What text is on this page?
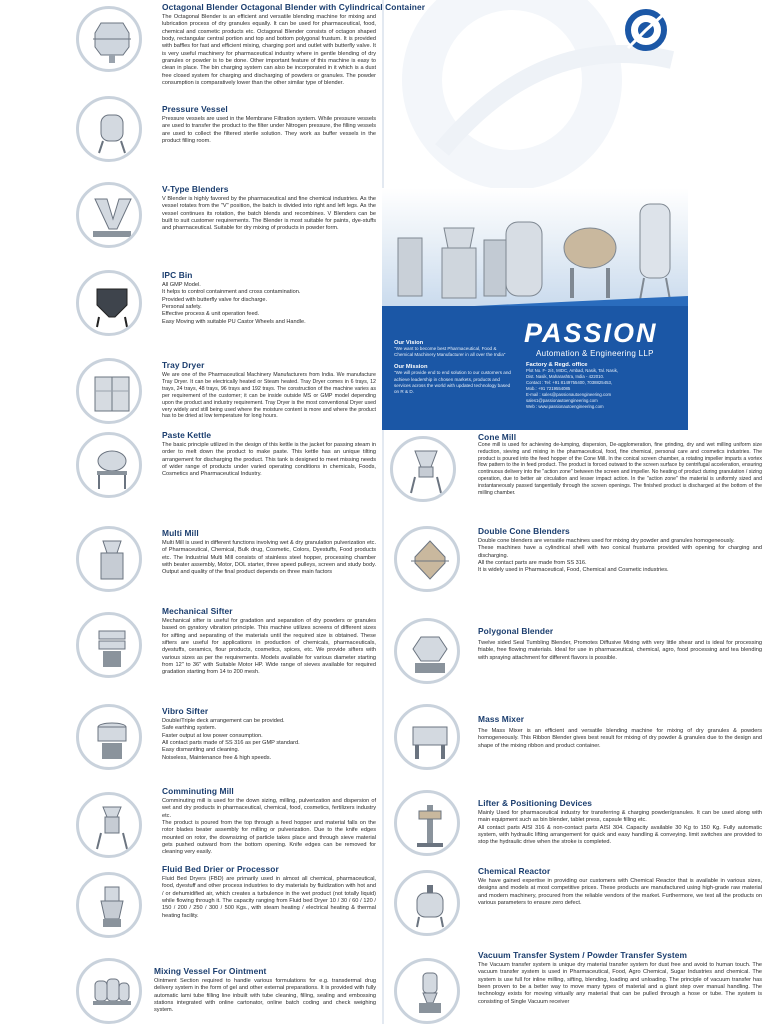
Octagonal Blender Octagonal Blender with Cylindrical Container

The Octagonal Blender is an efficient and versatile blending machine for mixing and lubrication process of dry granules equally. It can be used for pharmaceutical, food, chemical and cosmetic products etc. Octagonal Blender consists of octagon shaped body, rectangular central portion and top and bottom polygonal frustum. It is provided with baffles for fast and efficient mixing, charging port and outlet with butterfly valve. It is very useful machinery for pharmaceutical industry where in gentle blending of dry granules or powder is to be done. Other important feature of this machine is easy to clean in place. The bin charging system can also be incorporated in it which is a dust free closed system for charging and discharging of powders or granules. The powder consumption is comparatively lower than the other similar type of blender.

Pressure Vessel

Pressure vessels are used in the Membrane Filtration system. While pressure vessels are used to transfer the product to the filter under Nitrogen pressure, the filling vessels are used to collect the filtered sterile solution. They work as buffer vessels in the product filling room.

V-Type Blenders

V Blender is highly favored by the pharmaceutical and fine chemical industries. As the vessel rotates from the "V" position, the batch is divided into right and left legs. As the vessel continues its rotation, the batch blends and recombines. V Blenders can be built to suit customer requirements. The Blender is most suitable for paints, dye-stuffs and pharmaceutical. Suitable for dry mixing of products in powder form.

IPC Bin

All GMP Model.
It helps to control containment and cross contamination.
Provided with butterfly valve for discharge.
Personal safety.
Effective process & unit operation feed.
Easy Moving with suitable PU Castor Wheels and Handle.

Tray Dryer

We are one of the Pharmaceutical Machinery Manufacturers from India. We manufacture Tray Dryer. It can be electrically heated or Steam heated. Tray Dryer comes in 6 trays, 12 trays, 24 trays, 48 trays, 96 trays and 192 trays. The construction of the machine varies as per requirement of the customer; it can be inside outside MS or GMP model depending upon the product and industry requirement. Tray Dryer is the most conventional Dryer used very widely and still being used where the moisture content is more and where the product has to be dried at low temperature for long hours.

Paste Kettle

The basic principle utilized in the design of this kettle is the jacket for passing steam in order to melt down the product to make paste. This kettle has an unique tilting arrangement for discharging the product. This tank is designed to meet missing needs of wider range of products under varied operating conditions in chemicals, Foods, Cosmetics and Pharmaceutical Industry.

Multi Mill

Multi Mill is used in different functions involving wet & dry granulation pulverization etc. of Pharmaceutical, Chemical, Bulk drug, Cosmetic, Colors, Dyestuffs, Food products etc. The Industrial Multi Mill consists of stainless steel hopper, processing chamber with beater assembly, Motor, DOL starter, three speed pulleys, screen and study body. Output and quality of the final product depends on three main factors

Mechanical Sifter

Mechanical sifter is useful for gradation and separation of dry powders or granules based on gyratory vibration principle. This machine utilizes screens of different sizes for sifting and separating of the materials until the required size is obtained. These sifters are useful for applications in production of chemicals, pharmaceuticals, dyestuffs, ceramics, flour products, cosmetics, spices, etc. We provide sifters with various sizes as per the requirements. Models available for various diameter starting from 12" to 36" with Suitable Motor HP. Wide range of sieves available for required gradation starting from 14 to 200 mesh.

Vibro Sifter

Double/Triple deck arrangement can be provided.
Safe earthing system.
Faster output at low power consumption.
All contact parts made of SS 316 as per GMP standard.
Easy dismantling and cleaning.
Noiseless, Maintenance free & high speeds.

Comminuting Mill

Comminuting mill is used for the down sizing, milling, pulverization and dispersion of wet and dry products in pharmaceutical, chemical, food, cosmetics, fertilizers industry etc.
The product is poured from the top through a feed hopper and material falls on the rotor blades beater assembly for milling or pulverization. Due to the knife edges mounted on rotor, the downsizing of particle takes place and through sieve material gets pushed outward from the bottom opening. Knife edges can be removed for cleaning very easily.

Fluid Bed Drier or Processor

Fluid Bed Dryers (FBD) are primarily used in almost all chemical, pharmaceutical, food, dyestuff and other process industries to dry materials by fluidization with hot and / or dehumidified air, which creates a turbulence in the wet product (not totally liquid) while flowing through it. The capacity ranging from Fluid bed Dryer 10 / 30 / 60 / 120 / 150 / 200 / 250 / 300 / 500 Kgs., with steam heating / electrical heating & thermal heating facility.

Mixing Vessel For Ointment

Ointment Section required to handle various formulations for e.g. transdermal drug delivery system in the form of gel and other external preparations. It is provided with fully automatic lami tube filling line inbuilt with tube cleaning, filling, sealing and embossing stations integrated with online cartonator, online batch coding and check weighing system.

PASSION
Automation & Engineering LLP

Our Vision

"We want to become best Pharmaceutical, Food & Chemical Machinery Manufacturer in all over the India"

Our Mission

"We will provide end to end solution to our customers and achieve leadership in chosen markets, products and services across the world with updated technology based on R & D.

Factory & Regd. office

Plot No. F- 2/4, MIDC, Ambad, Nasik, Tal. Nasik,
Dist. Nasik, Maharashtra, India - 422010.
Contact : Tel: +91 8149755400, 7038825453,
Mob.: +91 7219554085
E-mail : sales@passionautoengineering.com
sales1@passionautoengineering.com
Web : www.passionautoengineering.com

Cone Mill

Cone mill is used for achieving de-lumping, dispersion, De-agglomeration, fine grinding, dry and wet milling uniform size reduction, sieving and mixing in the pharmaceutical, food, fine chemical, personal care and cosmetics industries. The product is poured into the feed hopper of the Cone Mill. In the conical screen chamber, a rotating impeller imparts a vortex flow pattern to the in feed product. The product is forced outward to the screen surface by centrifugal acceleration, ensuring continuous delivery into the "action zone" between the screen and impeller. No heating of product during granulation / sizing operation, due to better air circulation and lesser impact action. In the "action zone" the material is uniformly sized and instantaneously passed tangentially through the screen openings. The finished product is discharged at the bottom of the milling chamber.

Double Cone Blenders

Double cone blenders are versatile machines used for mixing dry powder and granules homogeneously.
These machines have a cylindrical shell with two conical frustums provided with opening for charging and discharging.
All the contact parts are made from SS 316.
It is widely used in Pharmaceutical, Food, Chemical and Cosmetic industries.

Polygonal Blender

Twelve sided Seal Tumbling Blender, Promotes Diffusive Mixing with very little shear and is ideal for processing friable, free flowing materials. Ideal for use in pharmaceutical, chemical, agro, food processing and tea blending with spraying attachment for different flavors is possible.

Mass Mixer

The Mass Mixer is an efficient and versatile blending machine for mixing of dry granules & powders homogeneously. This Ribbon Blender gives best result for mixing of dry powder & granules due to the design and shape of the mixing ribbon and product container.

Lifter & Positioning Devices

Mainly Used for pharmaceutical industry for transferring & charging powder/granules. It can be used along with main equipment such as bin blender, tablet press, capsule filling etc.
All contact parts AISI 316 & non-contact parts AISI 304. Capacity available 30 Kg to 150 Kg. Fully automatic system, with hydraulic lifting arrangement for quick and easy handling & conveying. limit switches are provided to stop the hydraulic drive when the stroke is completed.

Chemical Reactor

We have gained expertise in providing our customers with Chemical Reactor that is available in various sizes, designs and models at most competitive prices. These products are manufactured using high-grade raw material and modern machinery, procured from the reliable vendors of the market. Furthermore, we test all the products on various parameters to ensure zero defect.

Vacuum Transfer System / Powder Transfer System

The Vacuum transfer system is unique dry material transfer system for dust free and avoid to human touch. The vacuum transfer system is used in Pharmaceutical, Food, Agro Chemical, Sugar Industries and chemical. The system is use full for inline milling, sifting, blending, loading and unloading. The principle of vacuum transfer has been proven to be a better way to move many types of material and a giant step over manual handling. The technology exists for moving virtually any material that can be pulled through a hose or tube. The system is consisting of Single Vacuum receiver
